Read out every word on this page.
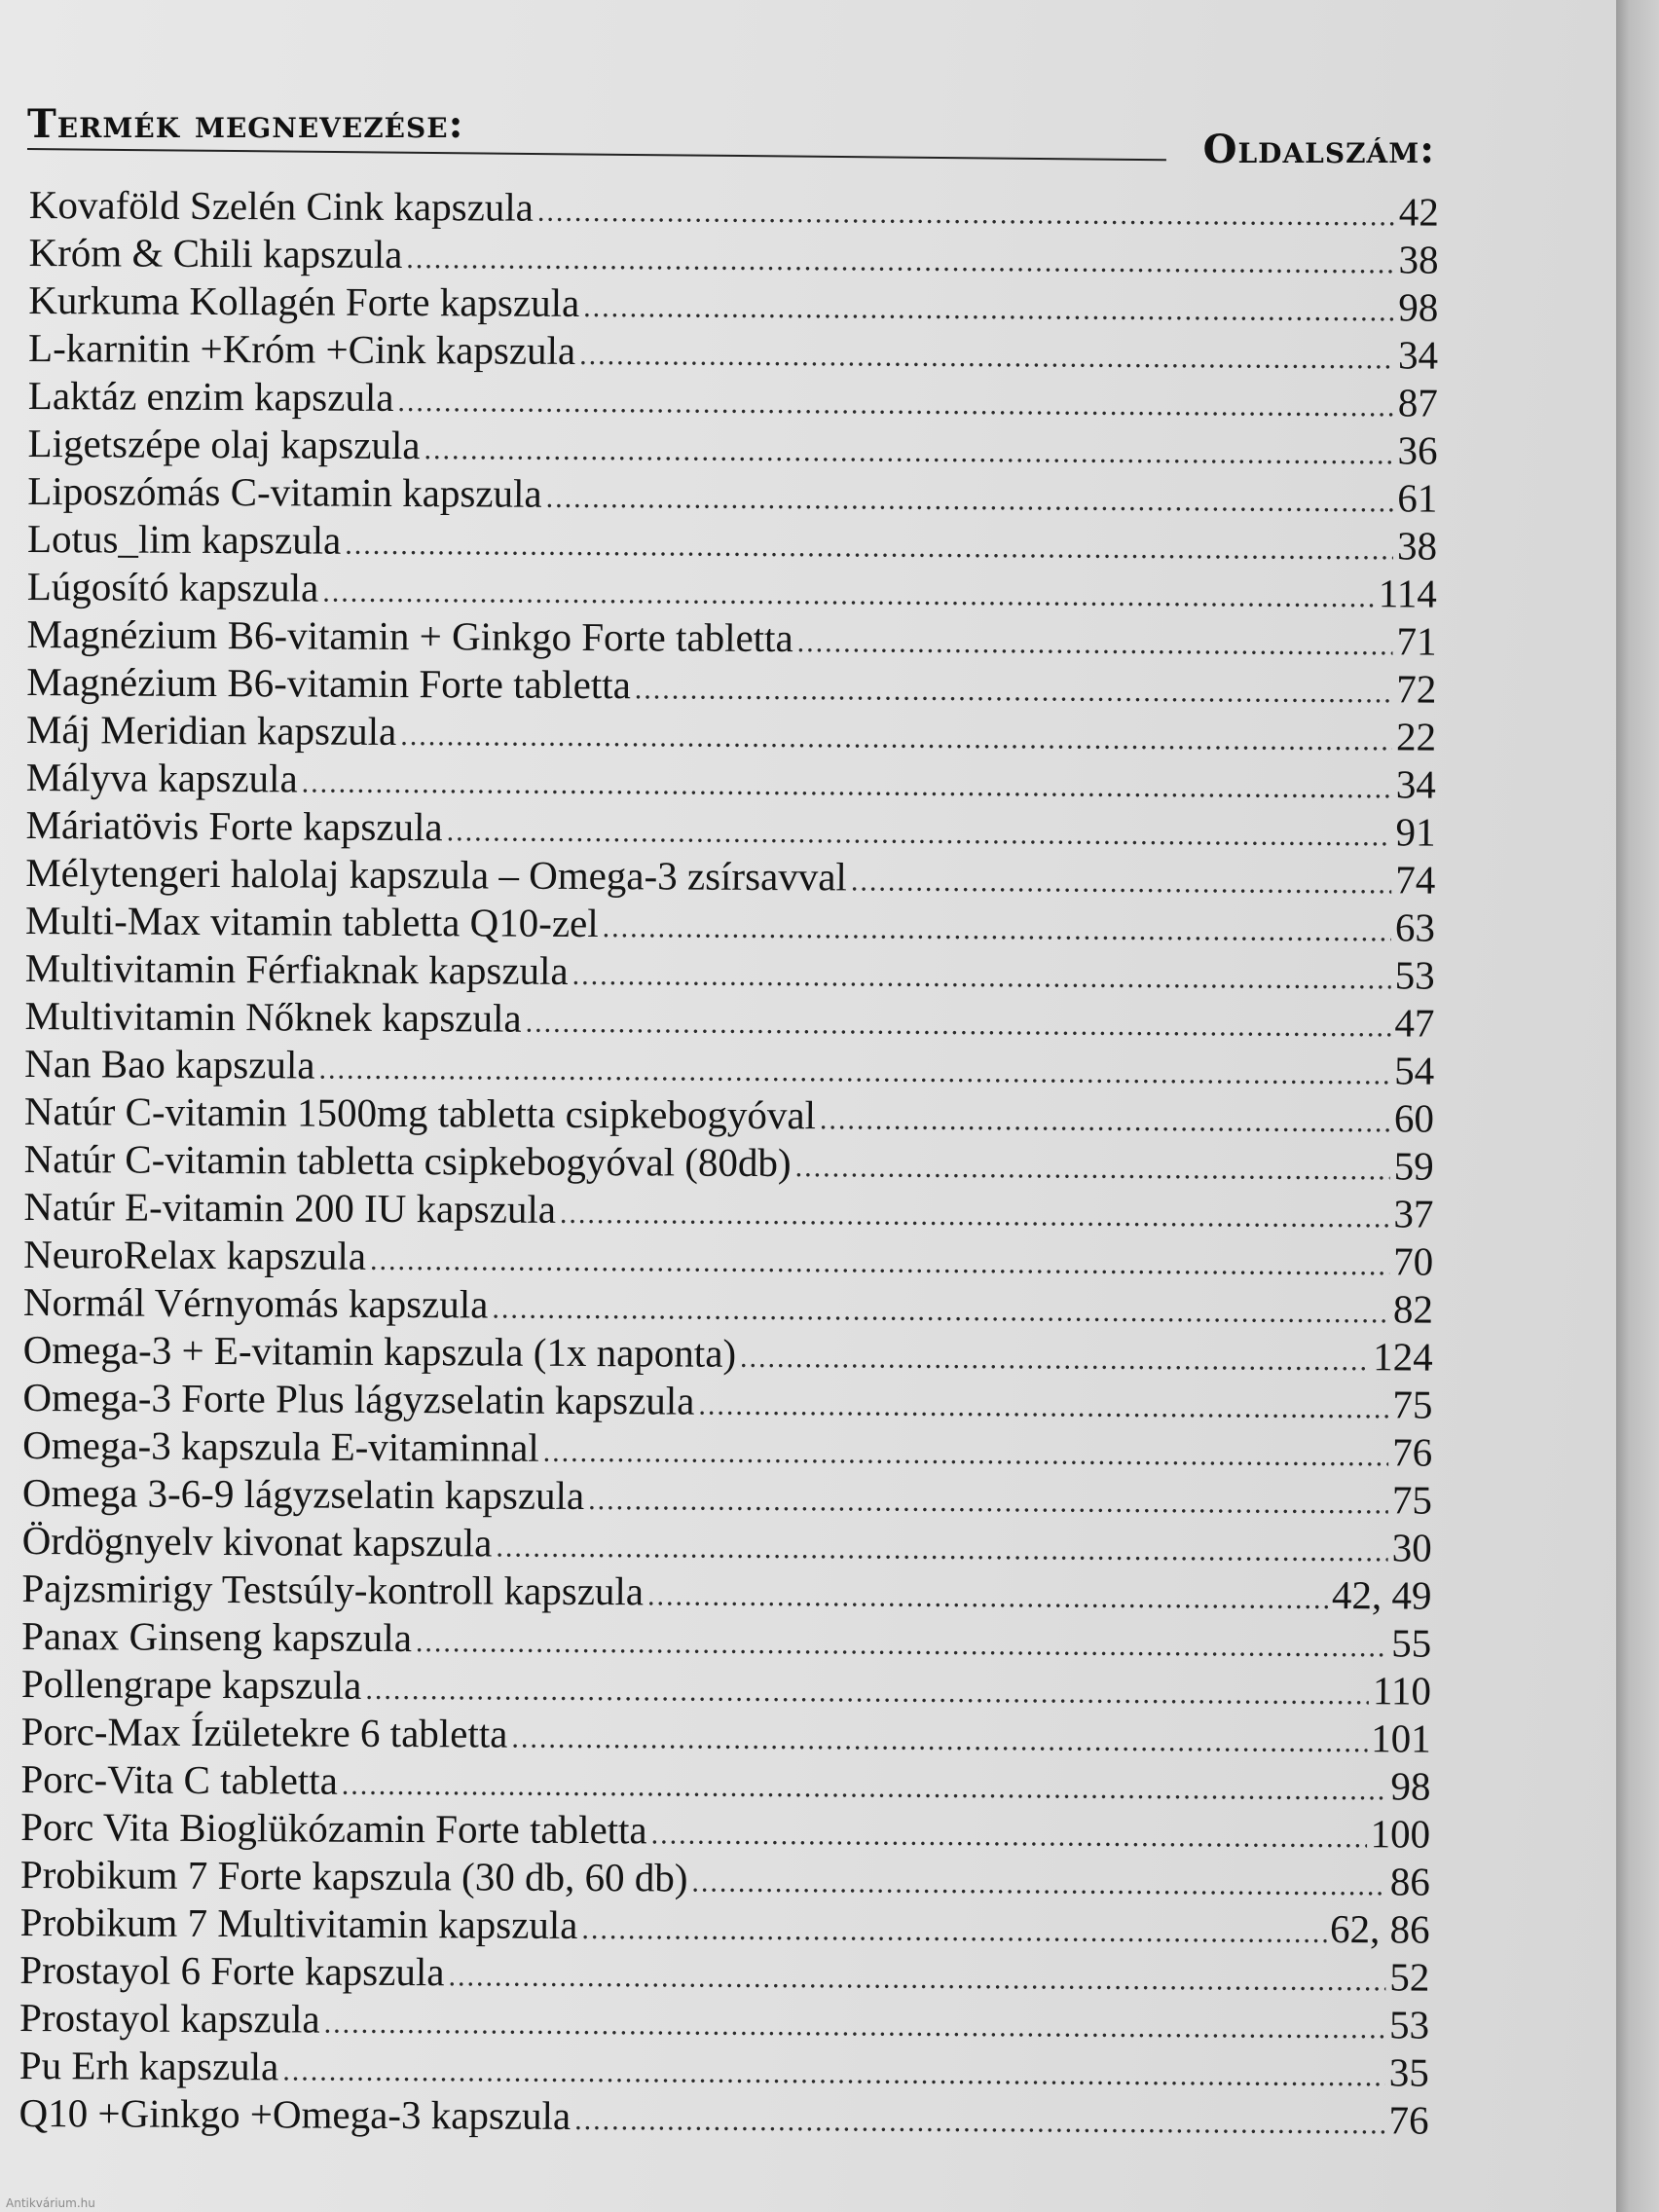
Termék megnevezése:
Oldalszám:
Kovaföld Szelén Cink kapszula .....	42
Króm & Chili kapszula .....	38
Kurkuma Kollagén Forte kapszula .....	98
L-karnitin +Króm +Cink kapszula .....	34
Laktáz enzim kapszula .....	87
Ligetszépe olaj kapszula .....	36
Liposzómás C-vitamin kapszula .....	61
Lotus_lim kapszula .....	38
Lúgosító kapszula .....	114
Magnézium B6-vitamin + Ginkgo Forte tabletta .....	71
Magnézium B6-vitamin Forte tabletta .....	72
Máj Meridian kapszula .....	22
Mályva kapszula .....	34
Máriatövis Forte kapszula .....	91
Mélytengeri halolaj kapszula – Omega-3 zsírsavval .....	74
Multi-Max vitamin tabletta Q10-zel .....	63
Multivitamin Férfiaknak kapszula .....	53
Multivitamin Nőknek kapszula .....	47
Nan Bao kapszula .....	54
Natúr C-vitamin 1500mg tabletta csipkebogyóval .....	60
Natúr C-vitamin tabletta csipkebogyóval (80db) .....	59
Natúr E-vitamin 200 IU kapszula .....	37
NeuroRelax kapszula .....	70
Normál Vérnyomás kapszula .....	82
Omega-3 + E-vitamin kapszula (1x naponta) .....	124
Omega-3 Forte Plus lágyzselatin kapszula .....	75
Omega-3 kapszula E-vitaminnal .....	76
Omega 3-6-9 lágyzselatin kapszula .....	75
Ördögnyelv kivonat kapszula .....	30
Pajzsmirigy Testsúly-kontroll kapszula .....	42, 49
Panax Ginseng kapszula .....	55
Pollengrape kapszula .....	110
Porc-Max Ízületekre 6 tabletta .....	101
Porc-Vita C tabletta .....	98
Porc Vita Bioglükózamin Forte tabletta .....	100
Probikum 7 Forte kapszula (30 db, 60 db) .....	86
Probikum 7 Multivitamin kapszula .....	62, 86
Prostayol 6 Forte kapszula .....	52
Prostayol kapszula .....	53
Pu Erh kapszula .....	35
Q10 +Ginkgo +Omega-3 kapszula .....	76
Antikvárium.hu
